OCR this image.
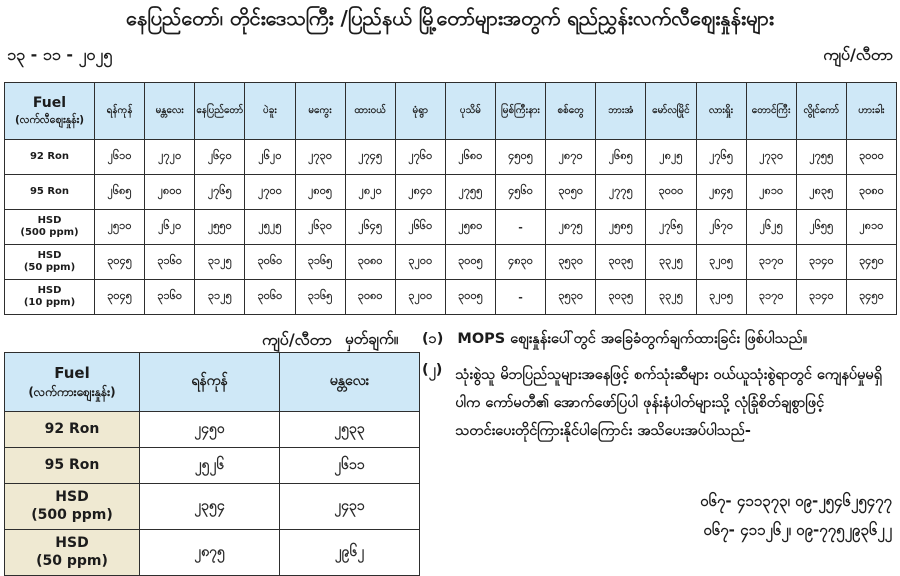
နေပြည်တော်၊ တိုင်းဒေသကြီး /ပြည်နယ် မြို့တော်များအတွက် ရည်ညွှန်းလက်လီစျေးနှုန်းများ
၁၃ - ၁၁ - ၂၀၂၅	ကျပ်/လီတာ
Fuel
(လက်လီစျေးနှုန်း)	ရန်ကုန်	မန္တလေး	နေပြည်တော်	ပဲခူး	မကွေး	ထားဝယ်	မုံရွာ	ပုသိမ်	မြစ်ကြီးနား	စစ်တွေ	ဘားအံ	မော်လမြိုင်	လားရှိုး	တောင်ကြီး	လွိုင်ကော်	ဟားခါး

92 Ron	၂၆၁၀	၂၇၂၀	၂၆၄၀	၂၆၂၀	၂၇၃၀	၂၇၄၅	၂၇၆၀	၂၆၈၀	၄၅၀၅	၂၈၇၀	၂၆၈၅	၂၈၂၅	၂၇၆၅	၂၇၃၀	၂၇၅၅	၃၀၀၀

95 Ron	၂၆၈၅	၂၈၀၀	၂၇၆၅	၂၇၀၀	၂၈၀၅	၂၈၂၀	၂၈၄၀	၂၇၅၅	၄၅၆၀	၃၀၅၀	၂၇၇၅	၃၀၀၀	၂၈၄၅	၂၈၁၀	၂၈၃၅	၃၀၈၀

HSD
(500 ppm)	၂၅၁၀	၂၆၂၀	၂၅၅၀	၂၅၂၅	၂၆၃၀	၂၆၄၅	၂၆၆၀	၂၅၈၀	-	၂၈၇၅	၂၅၈၅	၂၇၆၅	၂၆၇၀	၂၆၂၅	၂၆၅၅	၂၈၁၀

HSD
(50 ppm)	၃၀၄၅	၃၁၆၀	၃၁၂၅	၃၀၆၀	၃၁၆၅	၃၀၈၀	၃၂၀၀	၃၀၀၅	၄၈၃၀	၃၅၃၀	၃၀၃၅	၃၃၂၅	၃၂၀၅	၃၁၇၀	၃၁၄၀	၃၄၅၀

HSD
(10 ppm)	၃၀၄၅	၃၁၆၀	၃၁၂၅	၃၀၆၀	၃၁၆၅	၃၀၈၀	၃၂၀၀	၃၀၀၅	-	၃၅၃၀	၃၀၃၅	၃၃၂၅	၃၂၀၅	၃၁၇၀	၃၁၄၀	၃၄၅၀
Fuel
(လက်ကားစျေးနှုန်း)	ရန်ကုန်	မန္တလေး

92 Ron	၂၄၅၀	၂၅၃၃

95 Ron	၂၅၂၆	၂၆၁၁

HSD
(500 ppm)	၂၃၅၄	၂၄၃၁

HSD
(50 ppm)	၂၈၇၅	၂၉၆၂
ကျပ်/လီတာ မှတ်ချက်။ (၁) MOPS စျေးနှုန်းပေါ်တွင် အခြေခံတွက်ချက်ထားခြင်း ဖြစ်ပါသည်။
(၂) သုံးစွဲသူ မိဘပြည်သူများအနေဖြင့် စက်သုံးဆီများ ဝယ်ယူသုံးစွဲရာတွင် ကျေနပ်မှုမရှိပါက ကော်မတီ၏ အောက်ဖော်ပြပါ ဖုန်းနံပါတ်များသို့ လုံခြုံစိတ်ချစွာဖြင့် သတင်းပေးတိုင်ကြားနိုင်ပါကြောင်း အသိပေးအပ်ပါသည်-
၀၆၇- ၄၁၁၃၇၃၊ ၀၉-၂၅၄၆၂၅၄၇၇
၀၆၇- ၄၁၁၂၆၂၊ ၀၉-၇၇၅၂၉၃၆၂၂
